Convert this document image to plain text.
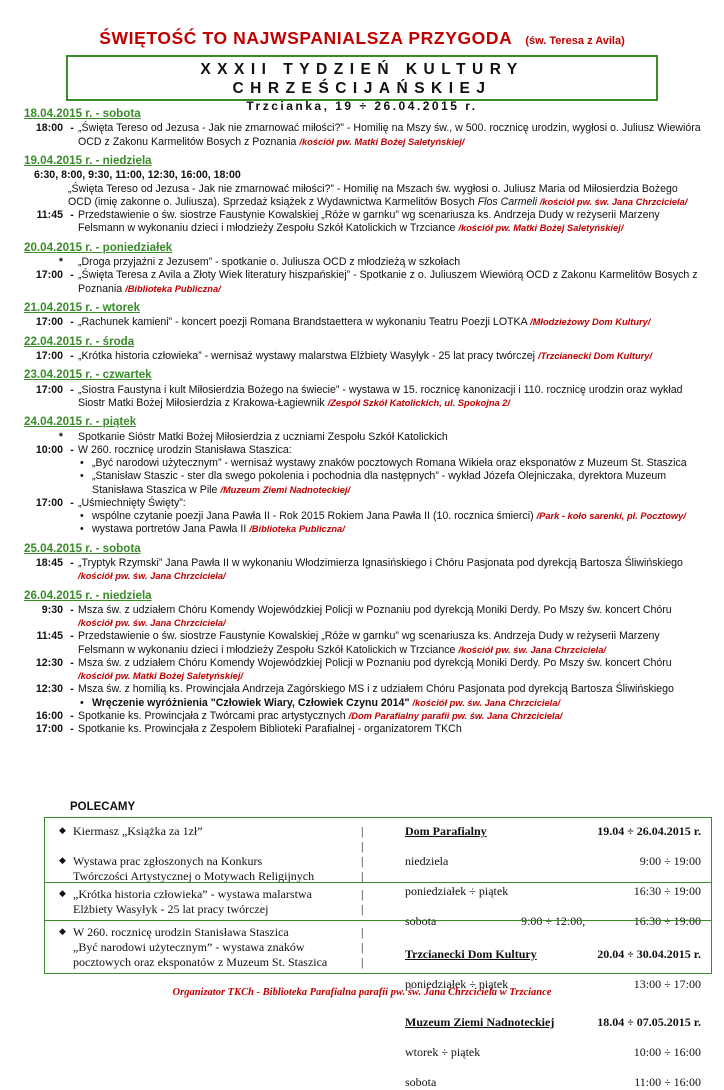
ŚWIĘTOŚĆ TO NAJWSPANIALSZA PRZYGODA (św. Teresa z Avila)
XXXII TYDZIEŃ KULTURY CHRZEŚCIJAŃSKIEJ
Trzcianka, 19 ÷ 26.04.2015 r.
18.04.2015 r. - sobota
18:00 - „Święta Tereso od Jezusa - Jak nie zmarnować miłości?” - Homilię na Mszy św., w 500. rocznicę urodzin, wygłosi o. Juliusz Wiewióra OCD z Zakonu Karmelitów Bosych z Poznania /kościół pw. Matki Bożej Saletyńskiej/
19.04.2015 r. - niedziela
6:30, 8:00, 9:30, 11:00, 12:30, 16:00, 18:00
„Święta Tereso od Jezusa - Jak nie zmarnować miłości?” - Homilię na Mszach św. wygłosi o. Juliusz Maria od Miłosierdzia Bożego OCD (imię zakonne o. Juliusza). Sprzedaż książek z Wydawnictwa Karmelitów Bosych Flos Carmeli /kościół pw. św. Jana Chrzciciela/
11:45 - Przedstawienie o św. siostrze Faustynie Kowalskiej „Róże w garnku” wg scenariusza ks. Andrzeja Dudy w reżyserii Marzeny Felsmann w wykonaniu dzieci i młodzieży Zespołu Szkół Katolickich w Trzciance /kościół pw. Matki Bożej Saletyńskiej/
20.04.2015 r. - poniedziałek
* „Droga przyjaźni z Jezusem” - spotkanie o. Juliusza OCD z młodzieżą w szkołach
17:00 - „Święta Teresa z Avila a Złoty Wiek literatury hiszpańskiej” - Spotkanie z o. Juliuszem Wiewiórą OCD z Zakonu Karmelitów Bosych z Poznania /Biblioteka Publiczna/
21.04.2015 r. - wtorek
17:00 - „Rachunek kamieni” - koncert poezji Romana Brandstaettera w wykonaniu Teatru Poezji LOTKA /Młodzieżowy Dom Kultury/
22.04.2015 r. - środa
17:00 - „Krótka historia człowieka” - wernisaż wystawy malarstwa Elżbiety Wasyłyk - 25 lat pracy twórczej /Trzcianecki Dom Kultury/
23.04.2015 r. - czwartek
17:00 - „Siostra Faustyna i kult Miłosierdzia Bożego na świecie” - wystawa w 15. rocznicę kanonizacji i 110. rocznicę urodzin oraz wykład Siostr Matki Bożej Miłosierdzia z Krakowa-Łagiewnik /Zespół Szkół Katolickich, ul. Spokojna 2/
24.04.2015 r. - piątek
* Spotkanie Sióstr Matki Bożej Miłosierdzia z uczniami Zespołu Szkół Katolickich
10:00 - W 260. rocznicę urodzin Stanisława Staszica:
• „Być narodowi użytecznym” - wernisaż wystawy znaków pocztowych Romana Wikieła oraz eksponatów z Muzeum St. Staszica
• „Stanisław Staszic - ster dla swego pokolenia i pochodnia dla następnych” - wykład Józefa Olejniczaka, dyrektora Muzeum Stanisława Staszica w Pile /Muzeum Ziemi Nadnoteckiej/
17:00 - „Uśmiechnięty Święty”:
• wspólne czytanie poezji Jana Pawła II - Rok 2015 Rokiem Jana Pawła II (10. rocznica śmierci) /Park - koło sarenki, pl. Pocztowy/
• wystawa portretów Jana Pawła II /Biblioteka Publiczna/
25.04.2015 r. - sobota
18:45 - „Tryptyk Rzymski” Jana Pawła II w wykonaniu Włodzimierza Ignasińskiego i Chóru Pasjonata pod dyrekcją Bartosza Śliwińskiego
/kościół pw. św. Jana Chrzciciela/
26.04.2015 r. - niedziela
9:30 - Msza św. z udziałem Chóru Komendy Wojewódzkiej Policji w Poznaniu pod dyrekcją Moniki Derdy. Po Mszy św. koncert Chóru
/kościół pw. św. Jana Chrzciciela/
11:45 - Przedstawienie o św. siostrze Faustynie Kowalskiej „Róże w garnku” wg scenariusza ks. Andrzeja Dudy w reżyserii Marzeny Felsmann w wykonaniu dzieci i młodzieży Zespołu Szkół Katolickich w Trzciance /kościół pw. św. Jana Chrzciciela/
12:30 - Msza św. z udziałem Chóru Komendy Wojewódzkiej Policji w Poznaniu pod dyrekcją Moniki Derdy. Po Mszy św. koncert Chóru
/kościół pw. Matki Bożej Saletyńskiej/
12:30 - Msza św. z homilią ks. Prowincjała Andrzeja Zagórskiego MS i z udziałem Chóru Pasjonata pod dyrekcją Bartosza Śliwińskiego
• Wręczenie wyróżnienia "Człowiek Wiary, Człowiek Czynu 2014" /kościół pw. św. Jana Chrzciciela/
16:00 - Spotkanie ks. Prowincjała z Twórcami prac artystycznych /Dom Parafialny parafii pw. św. Jana Chrzciciela/
17:00 - Spotkanie ks. Prowincjała z Zespołem Biblioteki Parafialnej - organizatorem TKCh
POLECAMY
◆ Kiermasz „Książka za 1zł”
◆ Wystawa prac zgłoszonych na Konkurs
Twórczości Artystycznej o Motywach Religijnych
|
|
|
|
Dom Parafialny	19.04 ÷ 26.04.2015 r.
niedziela	9:00 ÷ 19:00
poniedziałek ÷ piątek	16:30 ÷ 19:00
sobota	9:00 ÷ 12:00,	16:30 ÷ 19:00
◆ „Krótka historia człowieka” - wystawa malarstwa
Elżbiety Wasyłyk - 25 lat pracy twórczej
|
|
Trzcianecki Dom Kultury	20.04 ÷ 30.04.2015 r.
poniedziałek ÷ piątek	13:00 ÷ 17:00
◆ W 260. rocznicę urodzin Stanisława Staszica
„Być narodowi użytecznym” - wystawa znaków
pocztowych oraz eksponatów z Muzeum St. Staszica
|
|
|
Muzeum Ziemi Nadnoteckiej	18.04 ÷ 07.05.2015 r.
wtorek ÷ piątek	10:00 ÷ 16:00
sobota	11:00 ÷ 16:00
Organizator TKCh - Biblioteka Parafialna parafii pw. św. Jana Chrzciciela w Trzciance
